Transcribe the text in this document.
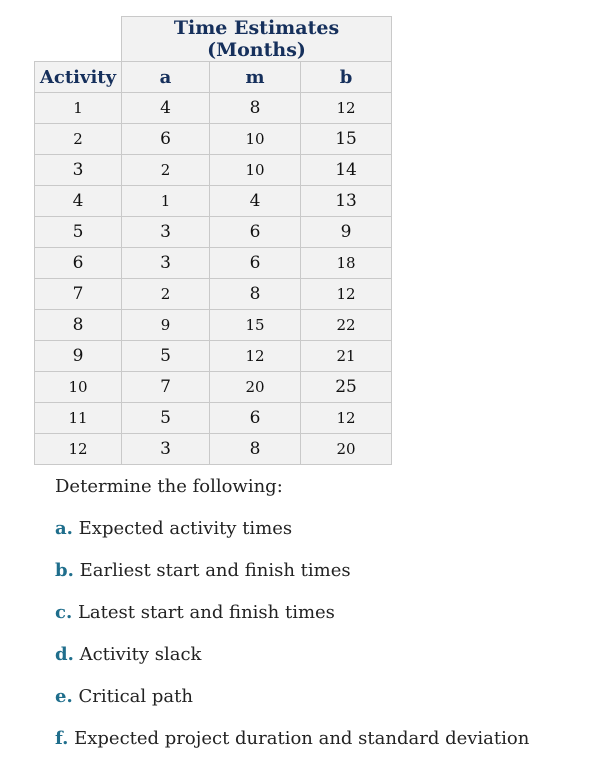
	Time Estimates (Months)		
Activity	a	m	b
1	4	8	12
2	6	10	15
3	2	10	14
4	1	4	13
5	3	6	9
6	3	6	18
7	2	8	12
8	9	15	22
9	5	12	21
10	7	20	25
11	5	6	12
12	3	8	20

Determine the following:

a. Expected activity times

b. Earliest start and finish times

c. Latest start and finish times

d. Activity slack

e. Critical path

f. Expected project duration and standard deviation
